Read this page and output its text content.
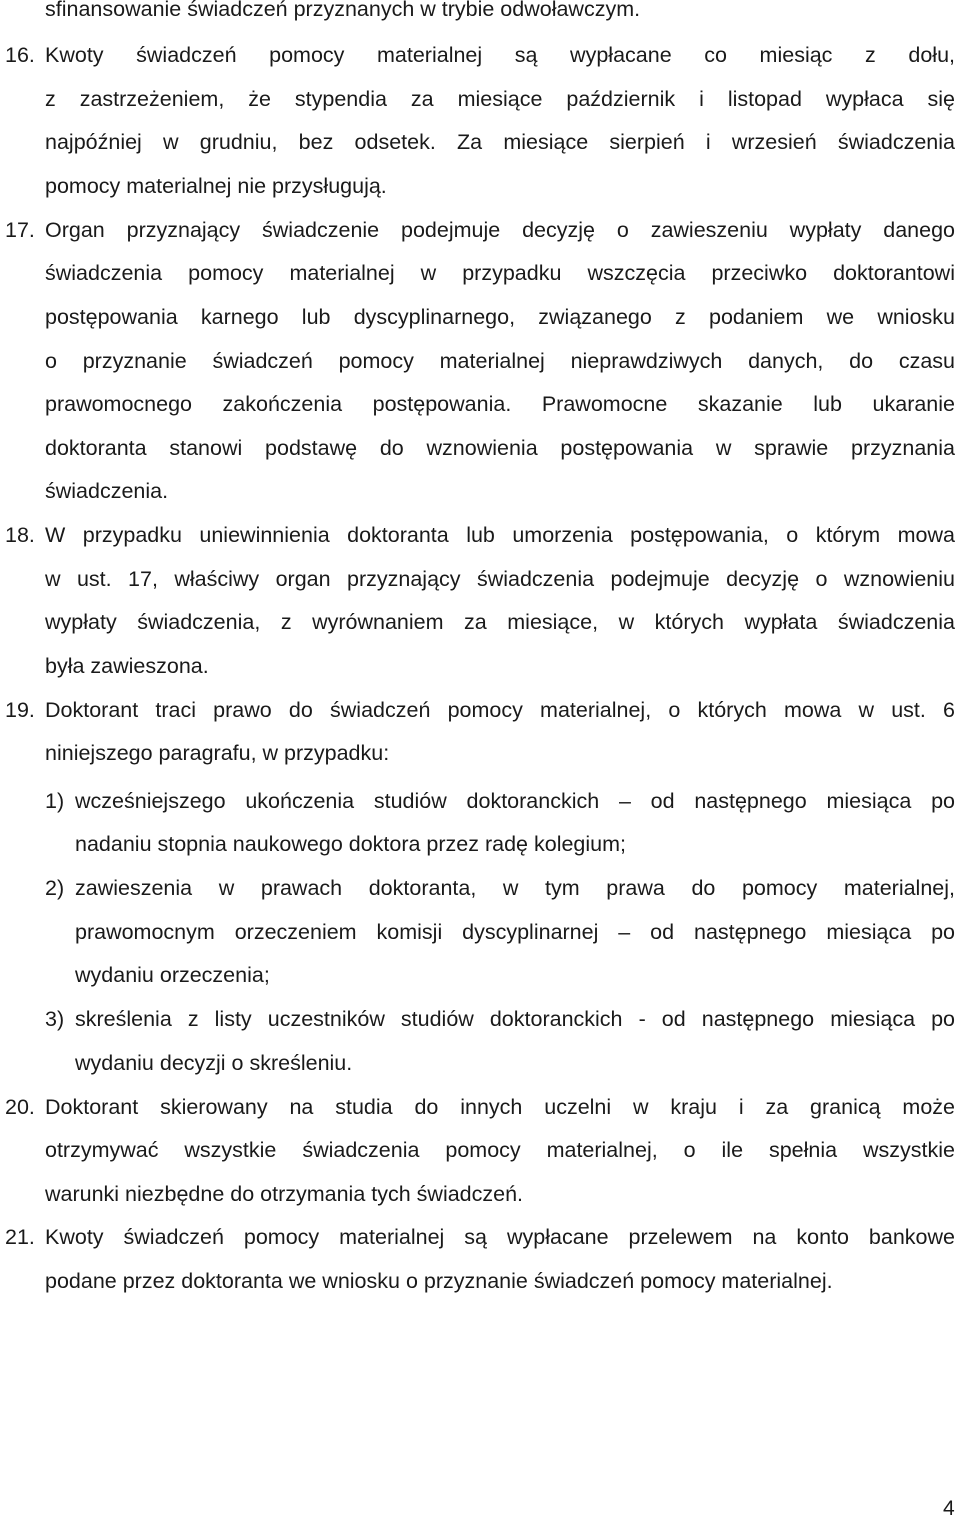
sfinansowanie świadczeń przyznanych w trybie odwoławczym.
16. Kwoty świadczeń pomocy materialnej są wypłacane co miesiąc z dołu,
z zastrzeżeniem, że stypendia za miesiące październik i listopad wypłaca się
najpóźniej w grudniu, bez odsetek. Za miesiące sierpień i wrzesień świadczenia
pomocy materialnej nie przysługują.
17. Organ przyznający świadczenie podejmuje decyzję o zawieszeniu wypłaty danego
świadczenia pomocy materialnej w przypadku wszczęcia przeciwko doktorantowi
postępowania karnego lub dyscyplinarnego, związanego z podaniem we wniosku
o przyznanie świadczeń pomocy materialnej nieprawdziwych danych, do czasu
prawomocnego zakończenia postępowania. Prawomocne skazanie lub ukaranie
doktoranta stanowi podstawę do wznowienia postępowania w sprawie przyznania
świadczenia.
18. W przypadku uniewinnienia doktoranta lub umorzenia postępowania, o którym mowa
w ust. 17, właściwy organ przyznający świadczenia podejmuje decyzję o wznowieniu
wypłaty świadczenia, z wyrównaniem za miesiące, w których wypłata świadczenia
była zawieszona.
19. Doktorant traci prawo do świadczeń pomocy materialnej, o których mowa w ust. 6
niniejszego paragrafu, w przypadku:
1) wcześniejszego ukończenia studiów doktoranckich – od następnego miesiąca po
nadaniu stopnia naukowego doktora przez radę kolegium;
2) zawieszenia w prawach doktoranta, w tym prawa do pomocy materialnej,
prawomocnym orzeczeniem komisji dyscyplinarnej – od następnego miesiąca po
wydaniu orzeczenia;
3) skreślenia z listy uczestników studiów doktoranckich - od następnego miesiąca po
wydaniu decyzji o skreśleniu.
20. Doktorant skierowany na studia do innych uczelni w kraju i za granicą może
otrzymywać wszystkie świadczenia pomocy materialnej, o ile spełnia wszystkie
warunki niezbędne do otrzymania tych świadczeń.
21. Kwoty świadczeń pomocy materialnej są wypłacane przelewem na konto bankowe
podane przez doktoranta we wniosku o przyznanie świadczeń pomocy materialnej.
4
